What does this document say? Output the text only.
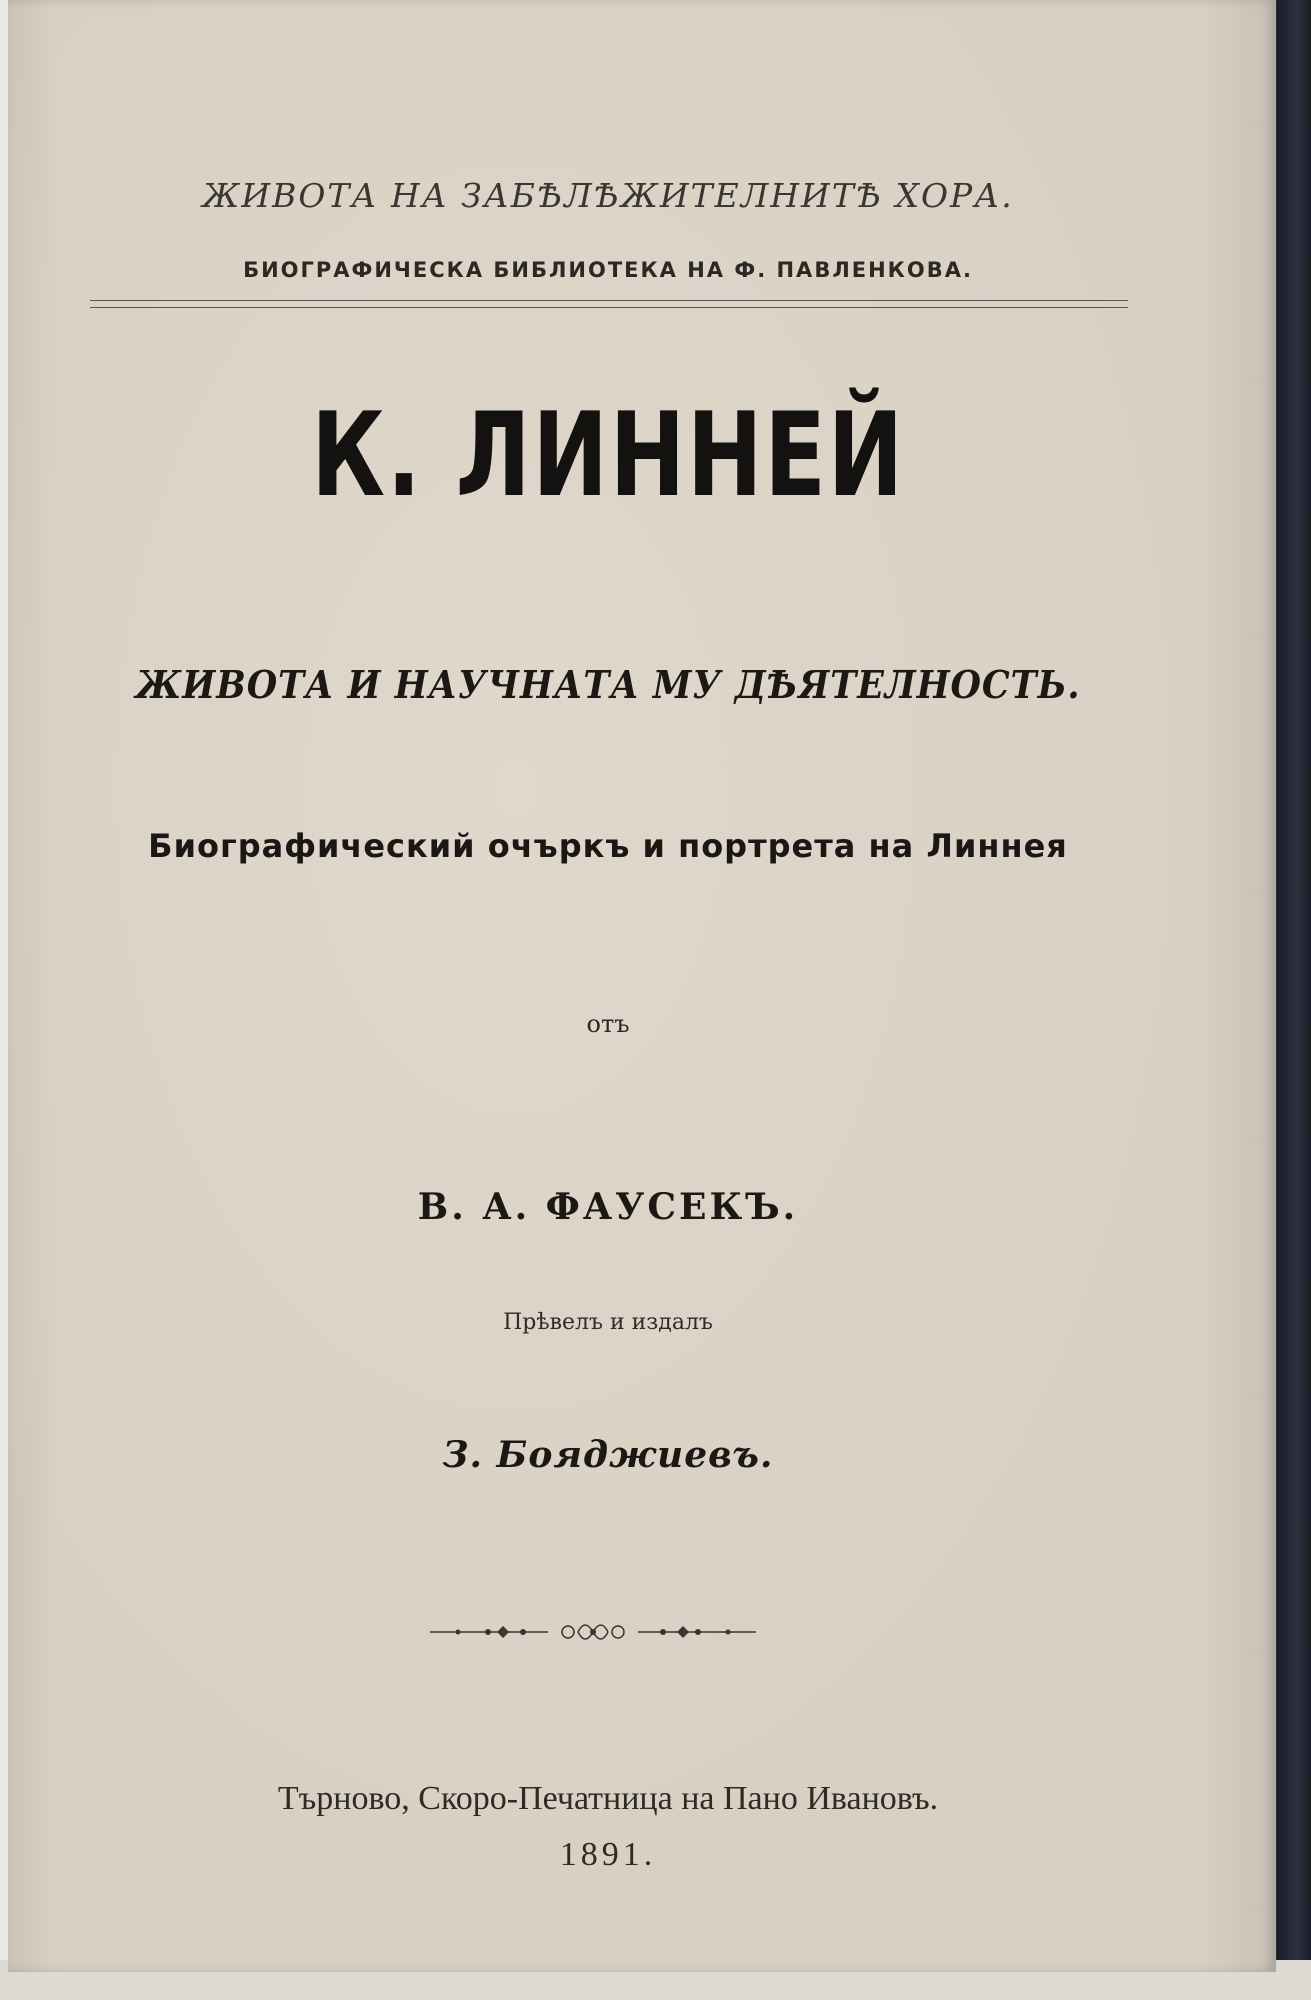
ЖИВОТА НА ЗАБѢЛѢЖИТЕЛНИТѢ ХОРА.
БИОГРАФИЧЕСКА БИБЛИОТЕКА НА Ф. ПАВЛЕНКОВА.
К. ЛИННЕЙ
ЖИВОТА И НАУЧНАТА МУ ДѢЯТЕЛНОСТЬ.
Биографический очъркъ и портрета на Линнея
отъ
В. А. ФАУСЕКЪ.
Прѣвелъ и издалъ
З. Бояджиевъ.
Търново, Скоро-Печатница на Пано Ивановъ.
1891.
